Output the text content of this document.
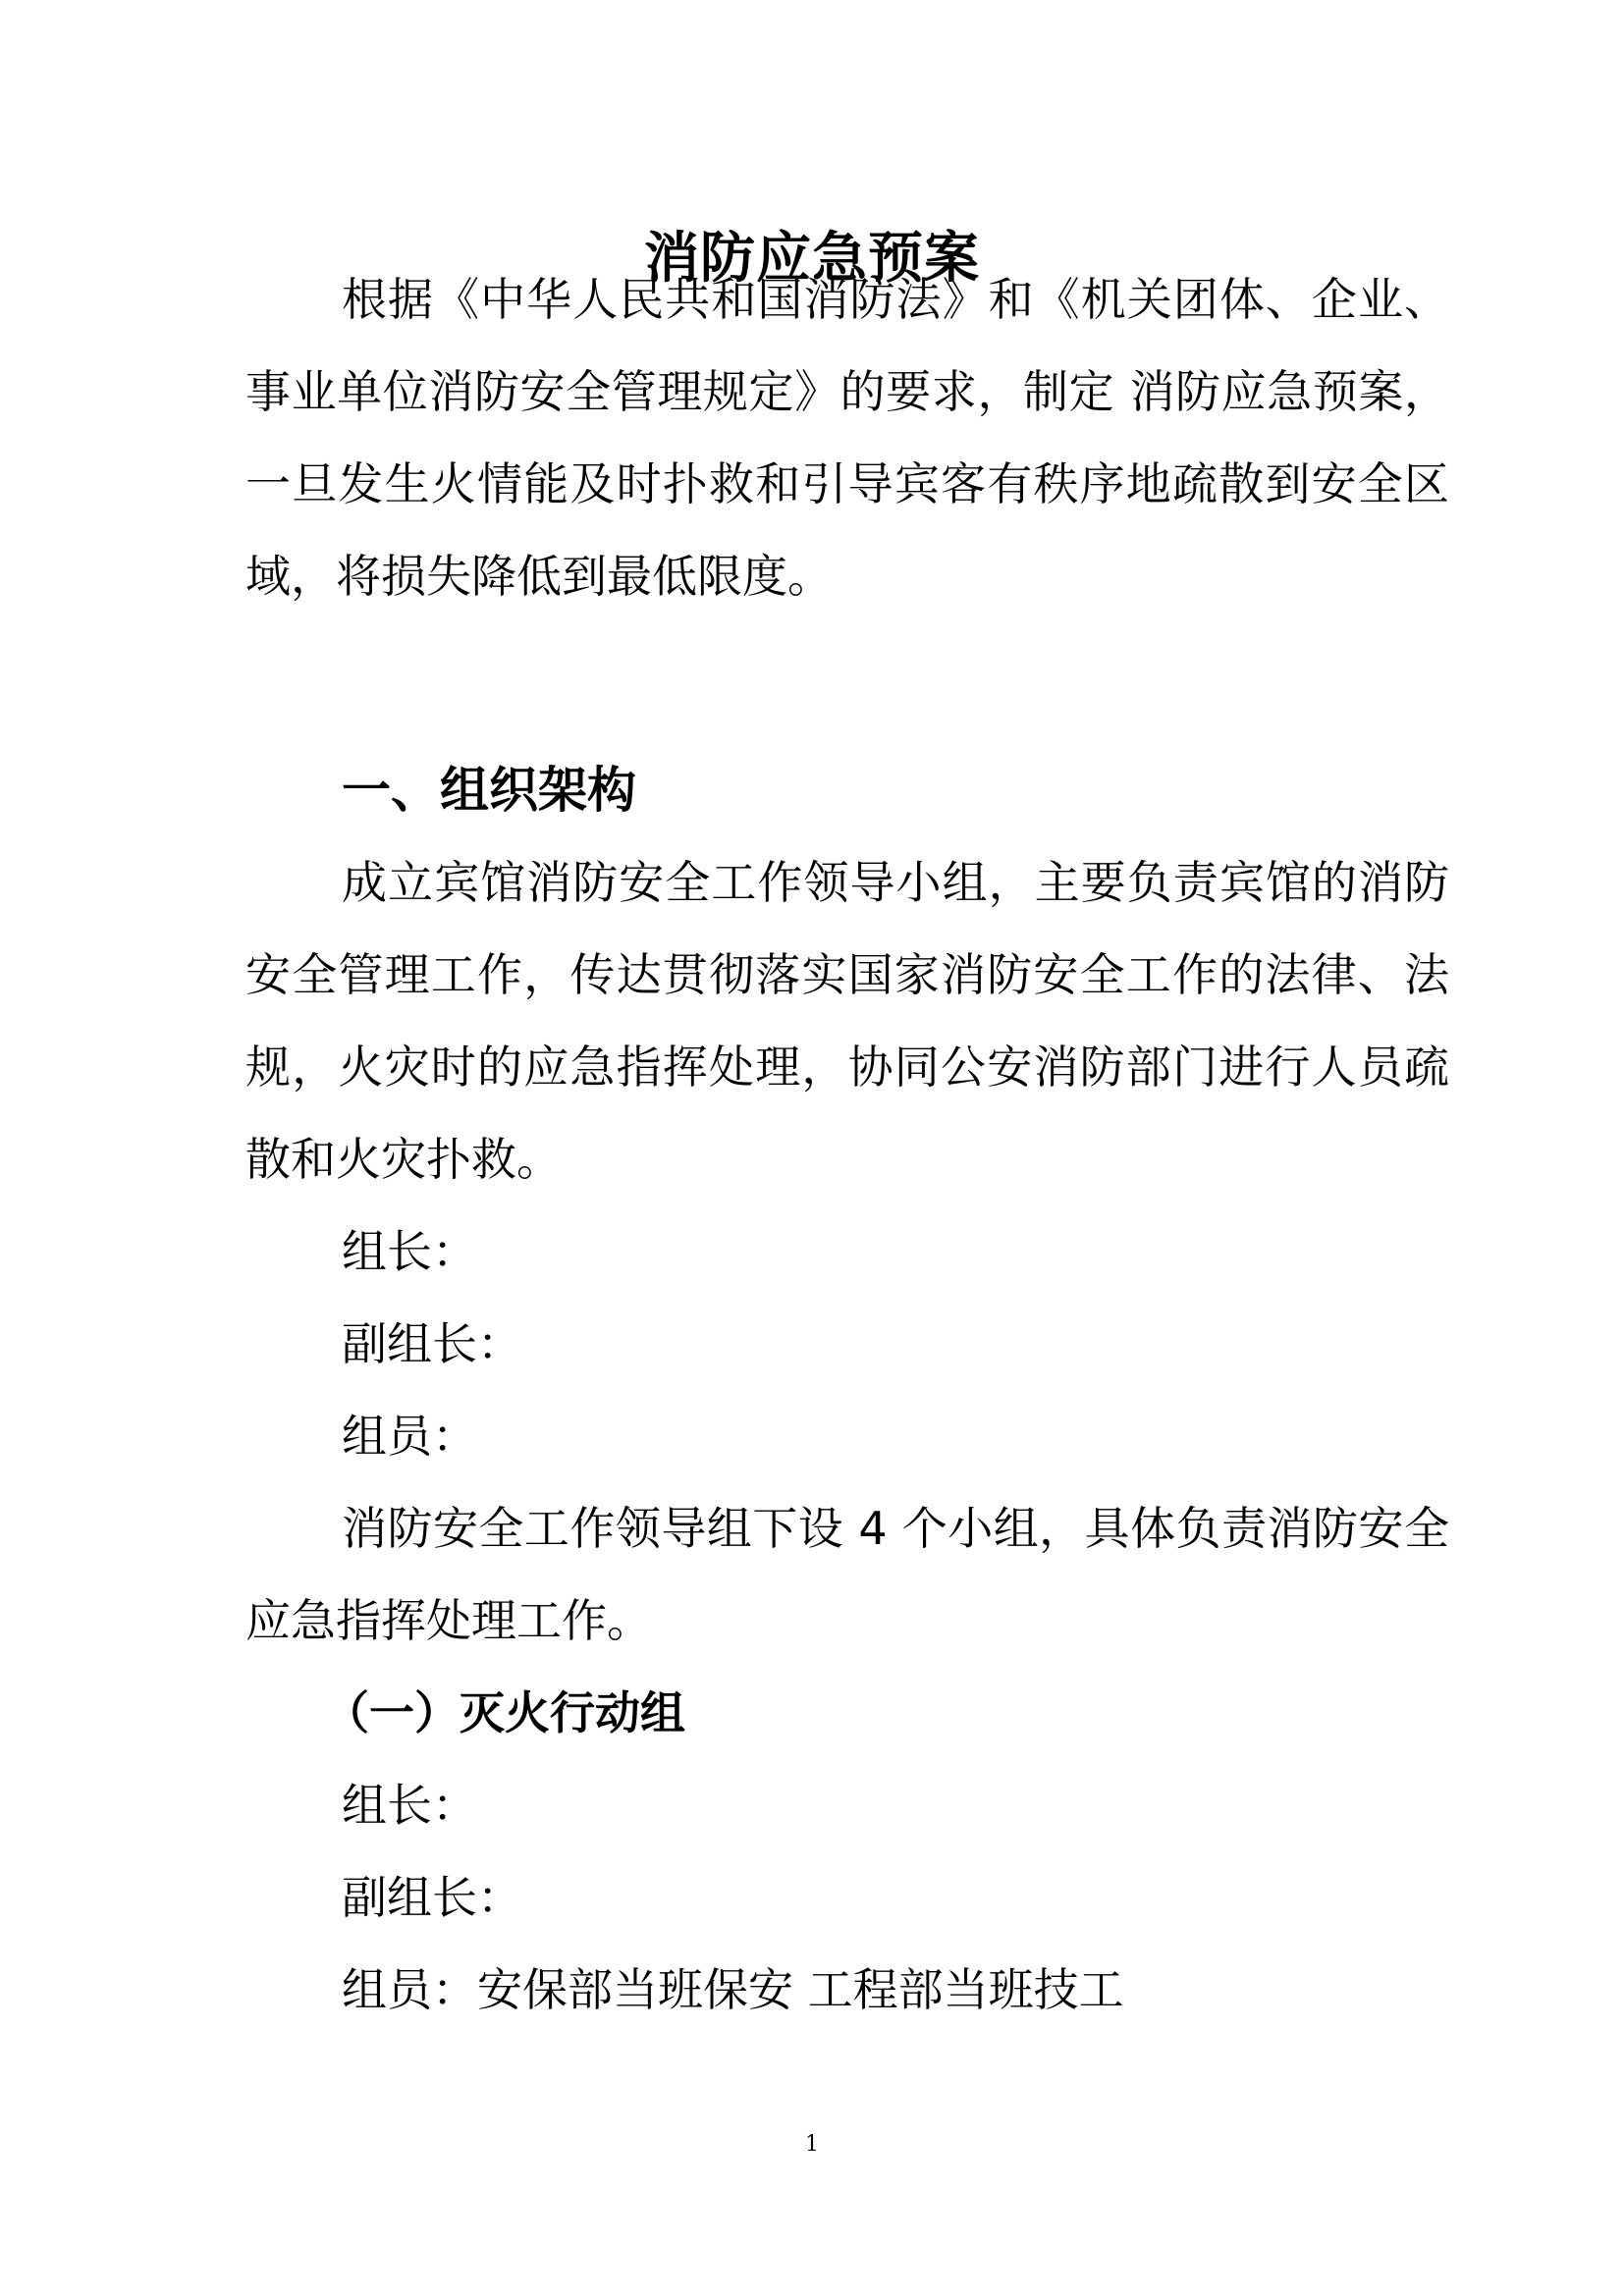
消防应急预案

根据《中华人民共和国消防法》和《机关团体、企业、事业单位消防安全管理规定》的要求，制定 消防应急预案，一旦发生火情能及时扑救和引导宾客有秩序地疏散到安全区域，将损失降低到最低限度。

一、组织架构

成立宾馆消防安全工作领导小组，主要负责宾馆的消防安全管理工作，传达贯彻落实国家消防安全工作的法律、法规，火灾时的应急指挥处理，协同公安消防部门进行人员疏散和火灾扑救。

组长：

副组长：

组员：

消防安全工作领导组下设 4 个小组，具体负责消防安全应急指挥处理工作。

（一）灭火行动组

组长：

副组长：

组员：安保部当班保安 工程部当班技工

1
